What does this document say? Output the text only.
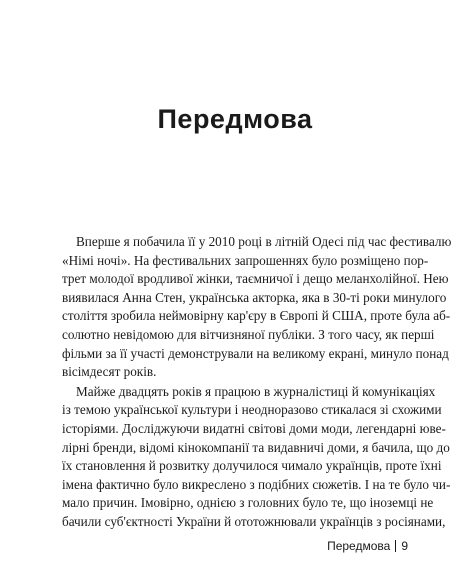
Передмова
Вперше я побачила її у 2010 році в літній Одесі під час фестивалю
«Німі ночі». На фестивальних запрошеннях було розміщено пор-
трет молодої вродливої жінки, таємничої і дещо меланхолійної. Нею
виявилася Анна Стен, українська акторка, яка в 30-ті роки минулого
століття зробила неймовірну кар'єру в Європі й США, проте була аб-
солютно невідомою для вітчизняної публіки. З того часу, як перші
фільми за її участі демонстрували на великому екрані, минуло понад
вісімдесят років.
Майже двадцять років я працюю в журналістиці й комунікаціях
із темою української культури і неодноразово стикалася зі схожими
історіями. Досліджуючи видатні світові доми моди, легендарні юве-
лірні бренди, відомі кінокомпанії та видавничі доми, я бачила, що до
їх становлення й розвитку долучилося чимало українців, проте їхні
імена фактично було викреслено з подібних сюжетів. І на те було чи-
мало причин. Імовірно, однією з головних було те, що іноземці не
бачили суб'єктності України й ототожнювали українців з росіянами,
Передмова 9
